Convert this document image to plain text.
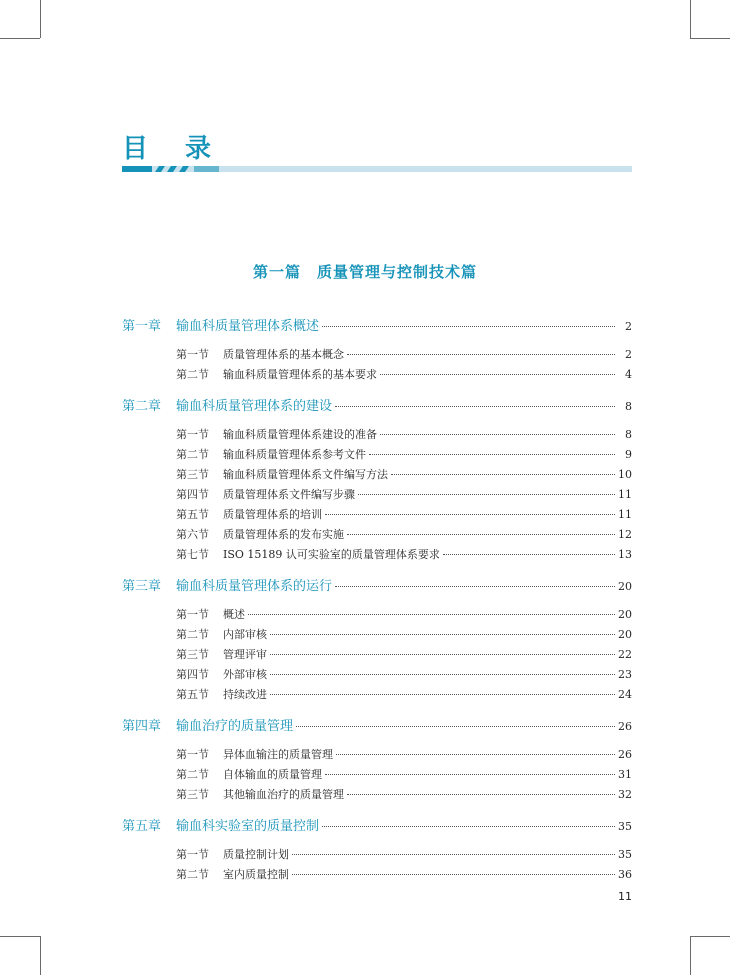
目 录
第一篇　质量管理与控制技术篇
第一章	输血科质量管理体系概述	2
第一节	质量管理体系的基本概念	2
第二节	输血科质量管理体系的基本要求	4
第二章	输血科质量管理体系的建设	8
第一节	输血科质量管理体系建设的准备	8
第二节	输血科质量管理体系参考文件	9
第三节	输血科质量管理体系文件编写方法	10
第四节	质量管理体系文件编写步骤	11
第五节	质量管理体系的培训	11
第六节	质量管理体系的发布实施	12
第七节	ISO 15189 认可实验室的质量管理体系要求	13
第三章	输血科质量管理体系的运行	20
第一节	概述	20
第二节	内部审核	20
第三节	管理评审	22
第四节	外部审核	23
第五节	持续改进	24
第四章	输血治疗的质量管理	26
第一节	异体血输注的质量管理	26
第二节	自体输血的质量管理	31
第三节	其他输血治疗的质量管理	32
第五章	输血科实验室的质量控制	35
第一节	质量控制计划	35
第二节	室内质量控制	36
11
